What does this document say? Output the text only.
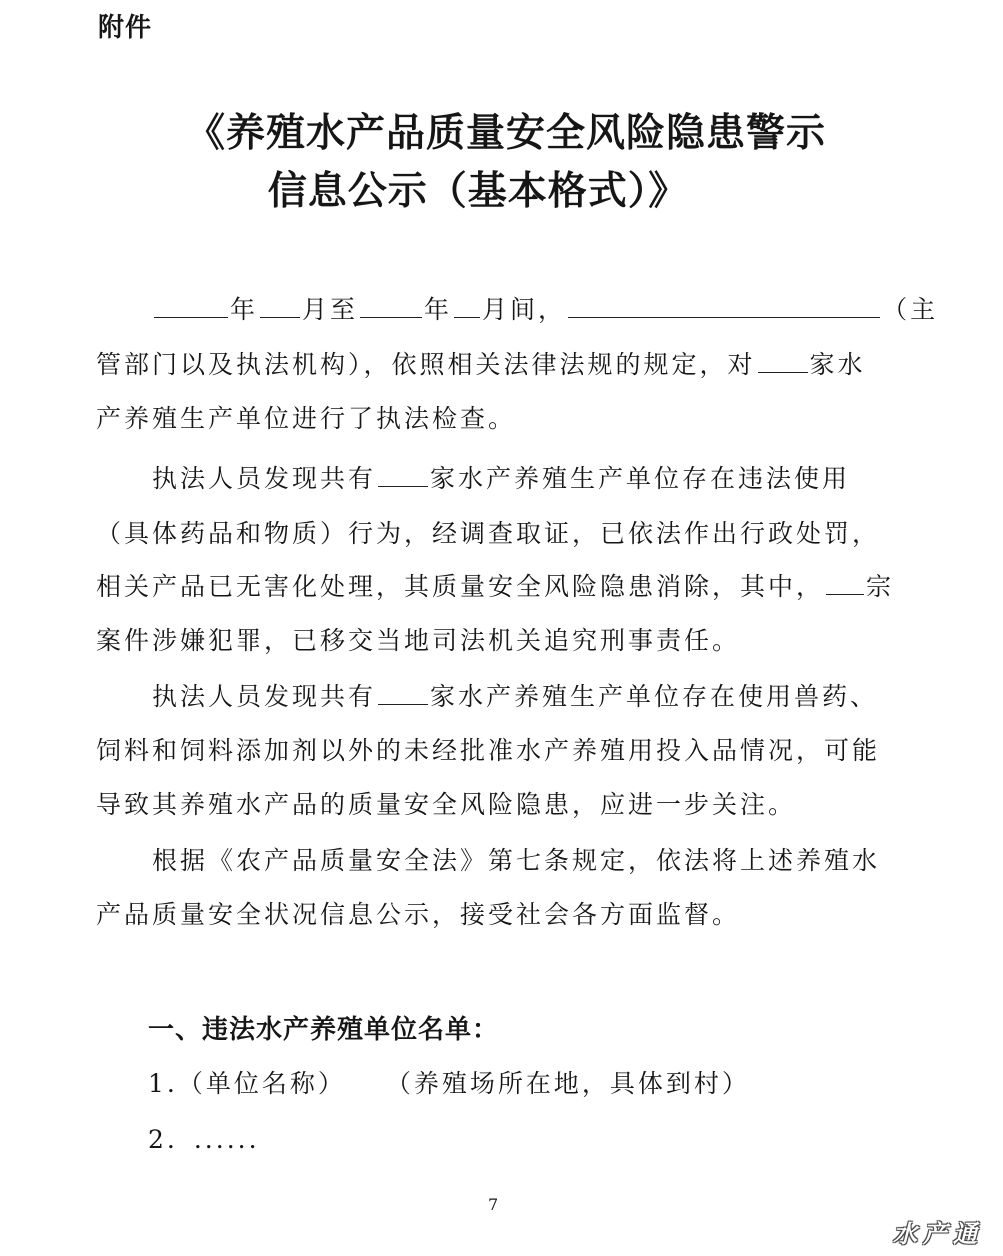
附件
《养殖水产品质量安全风险隐患警示
信息公示（基本格式）》
年 月至	年 月间，	（主
管部门以及执法机构），依照相关法律法规的规定，对 家水
产养殖生产单位进行了执法检查。
执法人员发现共有 家水产养殖生产单位存在违法使用
（具体药品和物质）行为，经调查取证，已依法作出行政处罚，
相关产品已无害化处理，其质量安全风险隐患消除，其中， 宗
案件涉嫌犯罪，已移交当地司法机关追究刑事责任。
执法人员发现共有 家水产养殖生产单位存在使用兽药、
饲料和饲料添加剂以外的未经批准水产养殖用投入品情况，可能
导致其养殖水产品的质量安全风险隐患，应进一步关注。
根据《农产品质量安全法》第七条规定，依法将上述养殖水
产品质量安全状况信息公示，接受社会各方面监督。
一、违法水产养殖单位名单：
1.（单位名称） （养殖场所在地，具体到村）
2. ......
7
水产通
